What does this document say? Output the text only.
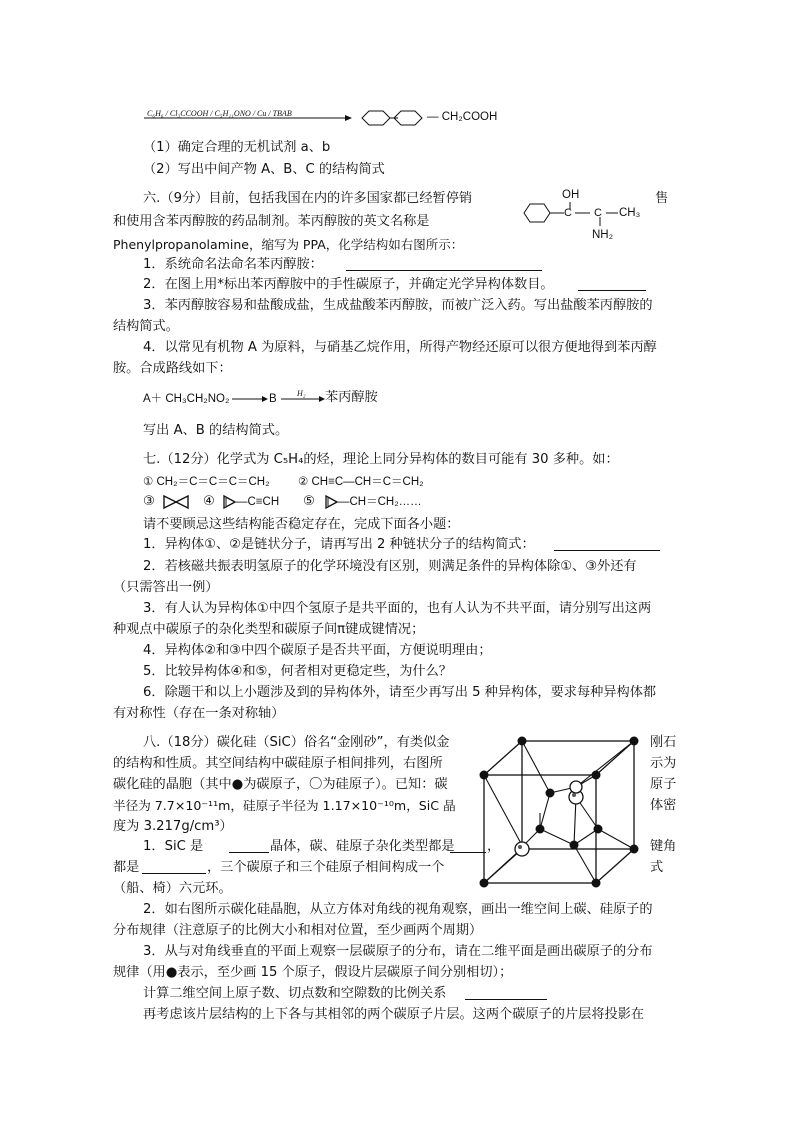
C₆H₆ / Cl₃CCOOH / C₅H₁₁ONO / Cu / TBAB	— CH₂COOH
（1）确定合理的无机试剂 a、b
（2）写出中间产物 A、B、C 的结构简式
六.（9分）目前，包括我国在内的许多国家都已经暂停销	售
和使用含苯丙醇胺的药品制剂。苯丙醇胺的英文名称是
Phenylpropanolamine，缩写为 PPA，化学结构如右图所示：
OH
C C CH₃
NH₂
1．系统命名法命名苯丙醇胺：
2．在图上用*标出苯丙醇胺中的手性碳原子，并确定光学异构体数目。
3．苯丙醇胺容易和盐酸成盐，生成盐酸苯丙醇胺，而被广泛入药。写出盐酸苯丙醇胺的
结构简式。
4．以常见有机物 A 为原料，与硝基乙烷作用，所得产物经还原可以很方便地得到苯丙醇
胺。合成路线如下：
A＋ CH₃CH₂NO₂	B	H₂ 苯丙醇胺
写出 A、B 的结构简式。
七.（12分）化学式为 C₅H₄的烃，理论上同分异构体的数目可能有 30 多种。如：
① CH₂＝C＝C＝C＝CH₂ ② CH≡C—CH＝C＝CH₂
③	④ —C≡CH ⑤ —CH＝CH₂……
请不要顾忌这些结构能否稳定存在，完成下面各小题：
1．异构体①、②是链状分子，请再写出 2 种链状分子的结构简式：
2．若核磁共振表明氢原子的化学环境没有区别，则满足条件的异构体除①、③外还有
（只需答出一例）
3．有人认为异构体①中四个氢原子是共平面的，也有人认为不共平面，请分别写出这两
种观点中碳原子的杂化类型和碳原子间π键成键情况；
4．异构体②和③中四个碳原子是否共平面，方便说明理由；
5．比较异构体④和⑤，何者相对更稳定些，为什么？
6．除题干和以上小题涉及到的异构体外，请至少再写出 5 种异构体，要求每种异构体都
有对称性（存在一条对称轴）
八.（18分）碳化硅（SiC）俗名“金刚砂”，有类似金	刚石
的结构和性质。其空间结构中碳硅原子相间排列，右图所	示为
碳化硅的晶胞（其中●为碳原子，〇为硅原子）。已知：碳	原子
半径为 7.7×10⁻¹¹m，硅原子半径为 1.17×10⁻¹⁰m，SiC 晶	体密
度为 3.217g/cm³）
1．SiC 是	晶体，碳、硅原子杂化类型都是 ，	键角
都是	，三个碳原子和三个硅原子相间构成一个	式
（船、椅）六元环。
2．如右图所示碳化硅晶胞，从立方体对角线的视角观察，画出一维空间上碳、硅原子的
分布规律（注意原子的比例大小和相对位置，至少画两个周期）
3．从与对角线垂直的平面上观察一层碳原子的分布，请在二维平面是画出碳原子的分布
规律（用●表示，至少画 15 个原子，假设片层碳原子间分别相切）；
计算二维空间上原子数、切点数和空隙数的比例关系
再考虑该片层结构的上下各与其相邻的两个碳原子片层。这两个碳原子的片层将投影在
